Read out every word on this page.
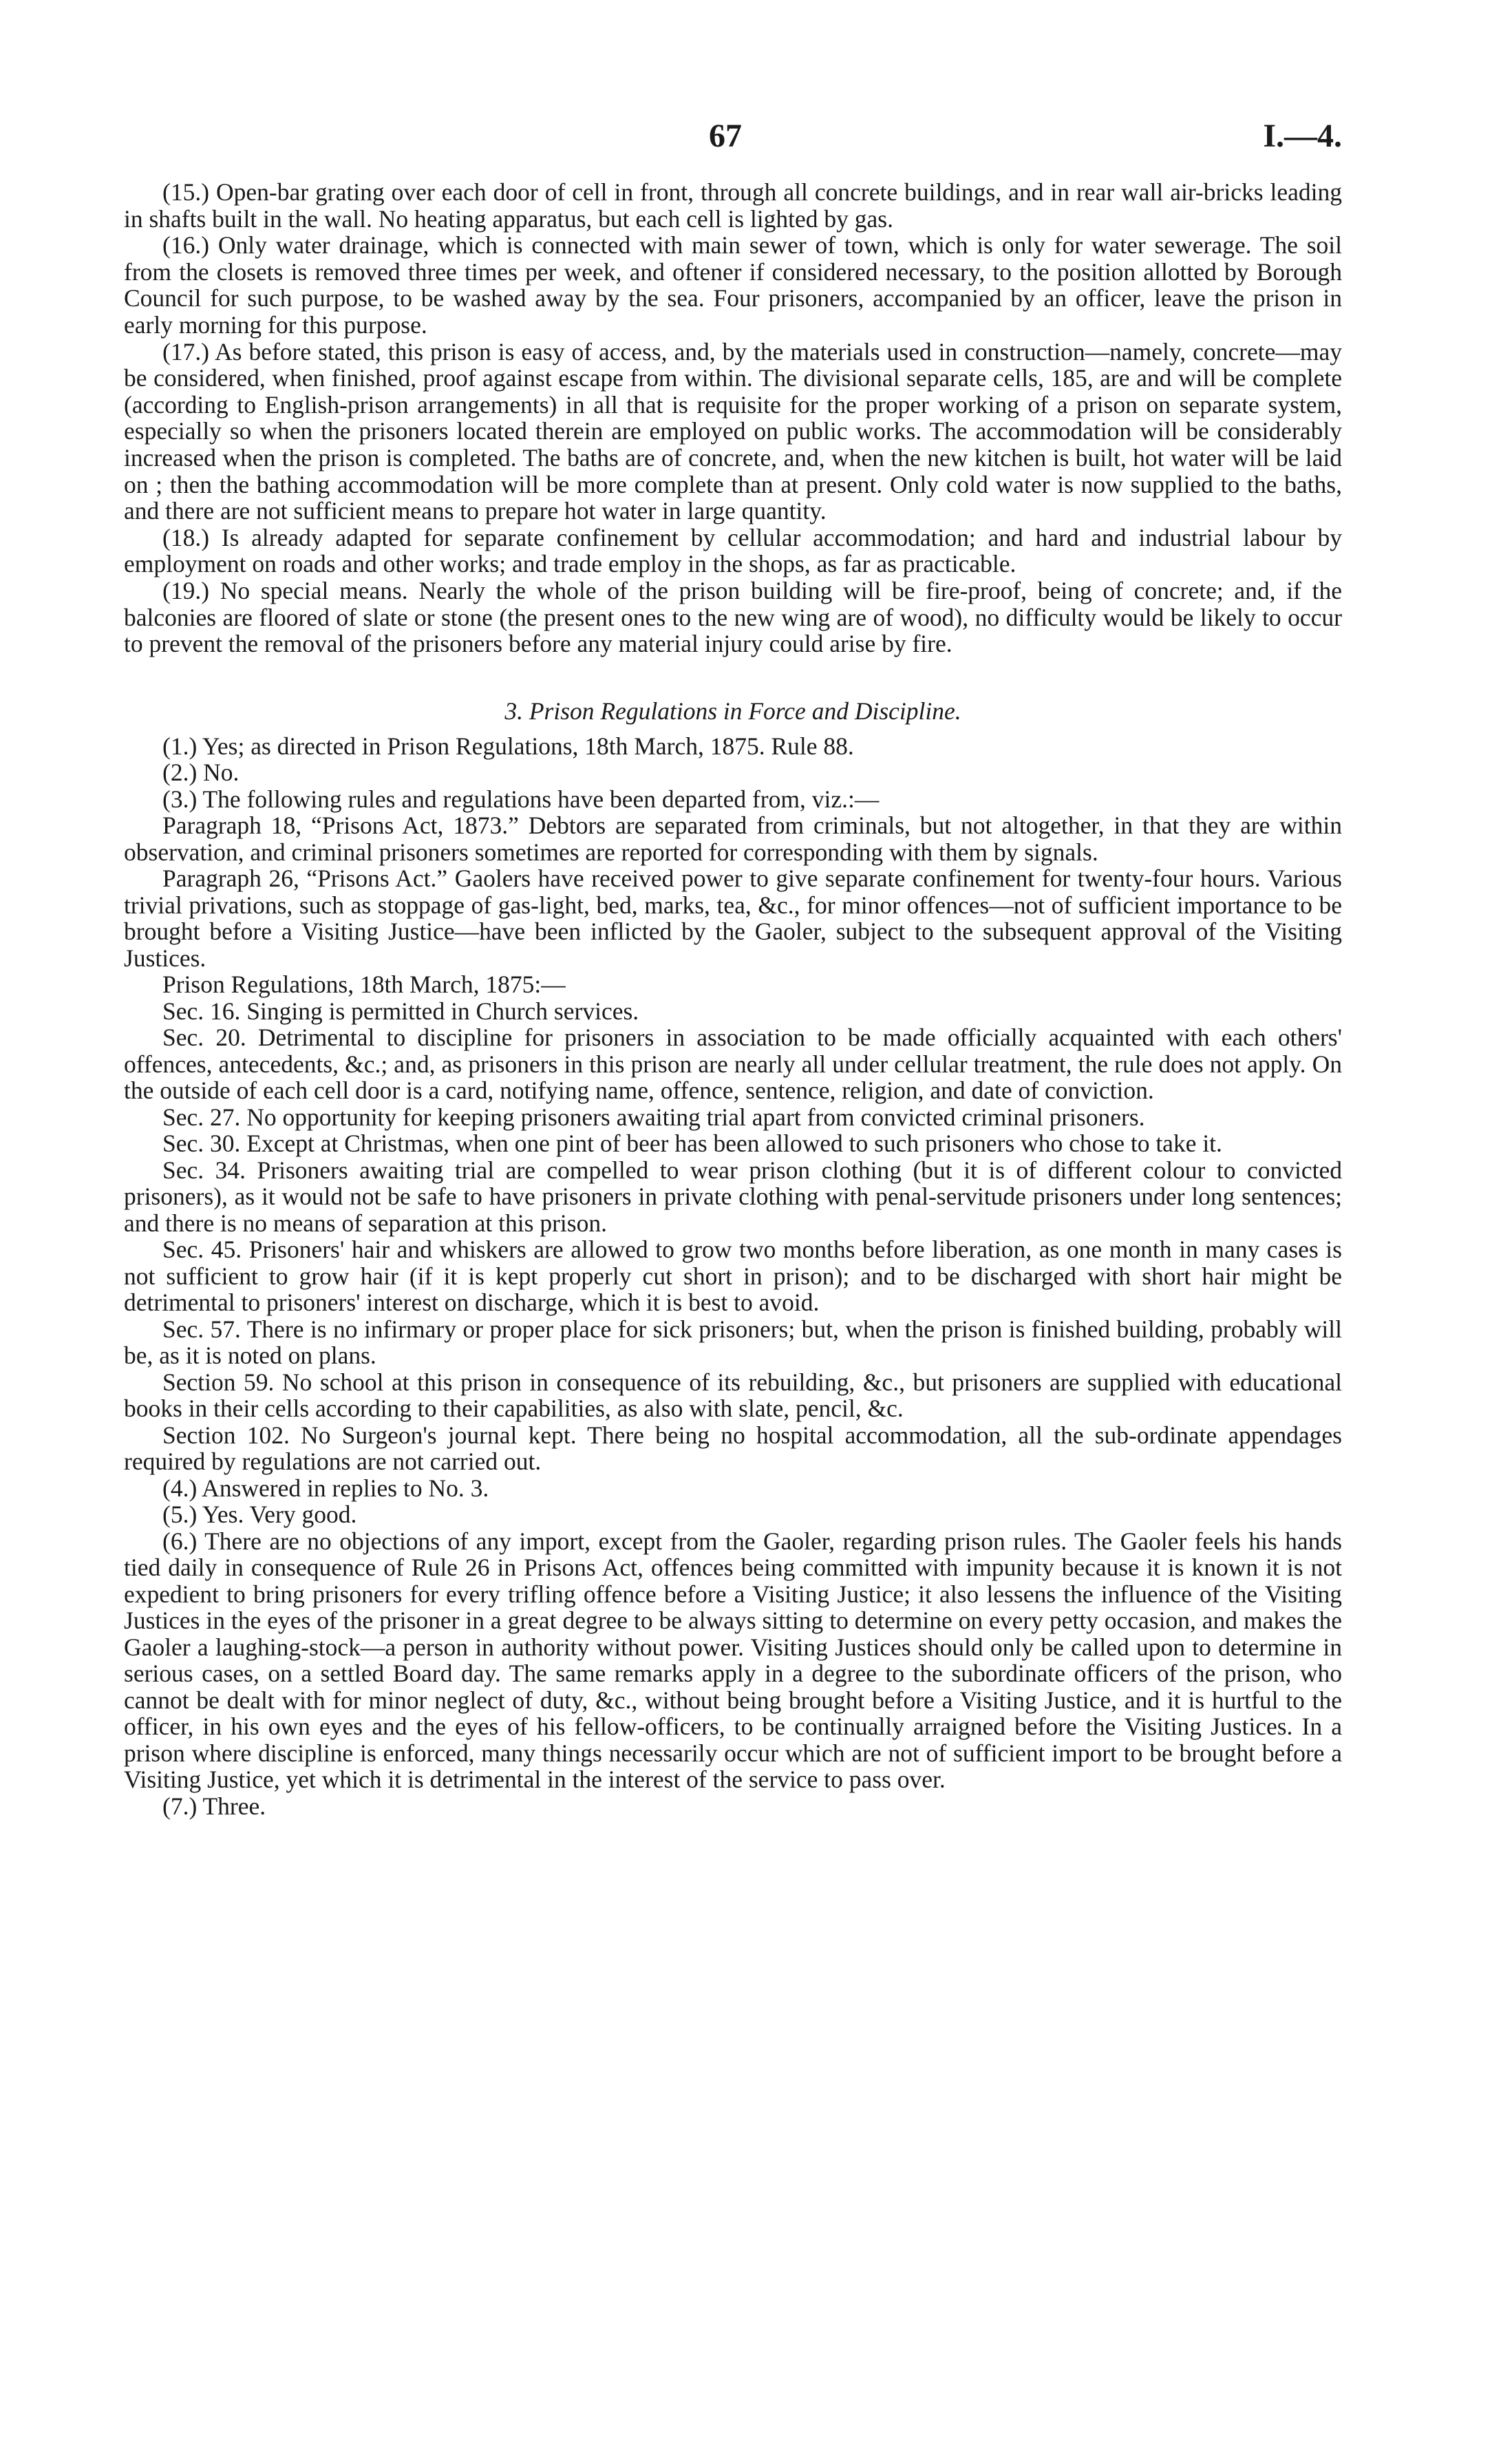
67	I.—4.

(15.) Open-bar grating over each door of cell in front, through all concrete buildings, and in rear wall air-bricks leading in shafts built in the wall. No heating apparatus, but each cell is lighted by gas.

(16.) Only water drainage, which is connected with main sewer of town, which is only for water sewerage. The soil from the closets is removed three times per week, and oftener if considered necessary, to the position allotted by Borough Council for such purpose, to be washed away by the sea. Four prisoners, accompanied by an officer, leave the prison in early morning for this purpose.

(17.) As before stated, this prison is easy of access, and, by the materials used in construction—namely, concrete—may be considered, when finished, proof against escape from within. The divisional separate cells, 185, are and will be complete (according to English-prison arrangements) in all that is requisite for the proper working of a prison on separate system, especially so when the prisoners located therein are employed on public works. The accommodation will be considerably increased when the prison is completed. The baths are of concrete, and, when the new kitchen is built, hot water will be laid on ; then the bathing accommodation will be more complete than at present. Only cold water is now supplied to the baths, and there are not sufficient means to prepare hot water in large quantity.

(18.) Is already adapted for separate confinement by cellular accommodation; and hard and industrial labour by employment on roads and other works; and trade employ in the shops, as far as practicable.

(19.) No special means. Nearly the whole of the prison building will be fire-proof, being of concrete; and, if the balconies are floored of slate or stone (the present ones to the new wing are of wood), no difficulty would be likely to occur to prevent the removal of the prisoners before any material injury could arise by fire.

3. Prison Regulations in Force and Discipline.

(1.) Yes; as directed in Prison Regulations, 18th March, 1875. Rule 88.

(2.) No.

(3.) The following rules and regulations have been departed from, viz.:—

Paragraph 18, “Prisons Act, 1873.” Debtors are separated from criminals, but not altogether, in that they are within observation, and criminal prisoners sometimes are reported for corresponding with them by signals.

Paragraph 26, “Prisons Act.” Gaolers have received power to give separate confinement for twenty-four hours. Various trivial privations, such as stoppage of gas-light, bed, marks, tea, &c., for minor offences—not of sufficient importance to be brought before a Visiting Justice—have been inflicted by the Gaoler, subject to the subsequent approval of the Visiting Justices.

Prison Regulations, 18th March, 1875:—

Sec. 16. Singing is permitted in Church services.

Sec. 20. Detrimental to discipline for prisoners in association to be made officially acquainted with each others' offences, antecedents, &c.; and, as prisoners in this prison are nearly all under cellular treatment, the rule does not apply. On the outside of each cell door is a card, notifying name, offence, sentence, religion, and date of conviction.

Sec. 27. No opportunity for keeping prisoners awaiting trial apart from convicted criminal prisoners.

Sec. 30. Except at Christmas, when one pint of beer has been allowed to such prisoners who chose to take it.

Sec. 34. Prisoners awaiting trial are compelled to wear prison clothing (but it is of different colour to convicted prisoners), as it would not be safe to have prisoners in private clothing with penal-servitude prisoners under long sentences; and there is no means of separation at this prison.

Sec. 45. Prisoners' hair and whiskers are allowed to grow two months before liberation, as one month in many cases is not sufficient to grow hair (if it is kept properly cut short in prison); and to be discharged with short hair might be detrimental to prisoners' interest on discharge, which it is best to avoid.

Sec. 57. There is no infirmary or proper place for sick prisoners; but, when the prison is finished building, probably will be, as it is noted on plans.

Section 59. No school at this prison in consequence of its rebuilding, &c., but prisoners are supplied with educational books in their cells according to their capabilities, as also with slate, pencil, &c.

Section 102. No Surgeon's journal kept. There being no hospital accommodation, all the sub-ordinate appendages required by regulations are not carried out.

(4.) Answered in replies to No. 3.

(5.) Yes. Very good.

(6.) There are no objections of any import, except from the Gaoler, regarding prison rules. The Gaoler feels his hands tied daily in consequence of Rule 26 in Prisons Act, offences being committed with impunity because it is known it is not expedient to bring prisoners for every trifling offence before a Visiting Justice; it also lessens the influence of the Visiting Justices in the eyes of the prisoner in a great degree to be always sitting to determine on every petty occasion, and makes the Gaoler a laughing-stock—a person in authority without power. Visiting Justices should only be called upon to determine in serious cases, on a settled Board day. The same remarks apply in a degree to the subordinate officers of the prison, who cannot be dealt with for minor neglect of duty, &c., without being brought before a Visiting Justice, and it is hurtful to the officer, in his own eyes and the eyes of his fellow-officers, to be continually arraigned before the Visiting Justices. In a prison where discipline is enforced, many things necessarily occur which are not of sufficient import to be brought before a Visiting Justice, yet which it is detrimental in the interest of the service to pass over.

(7.) Three.
